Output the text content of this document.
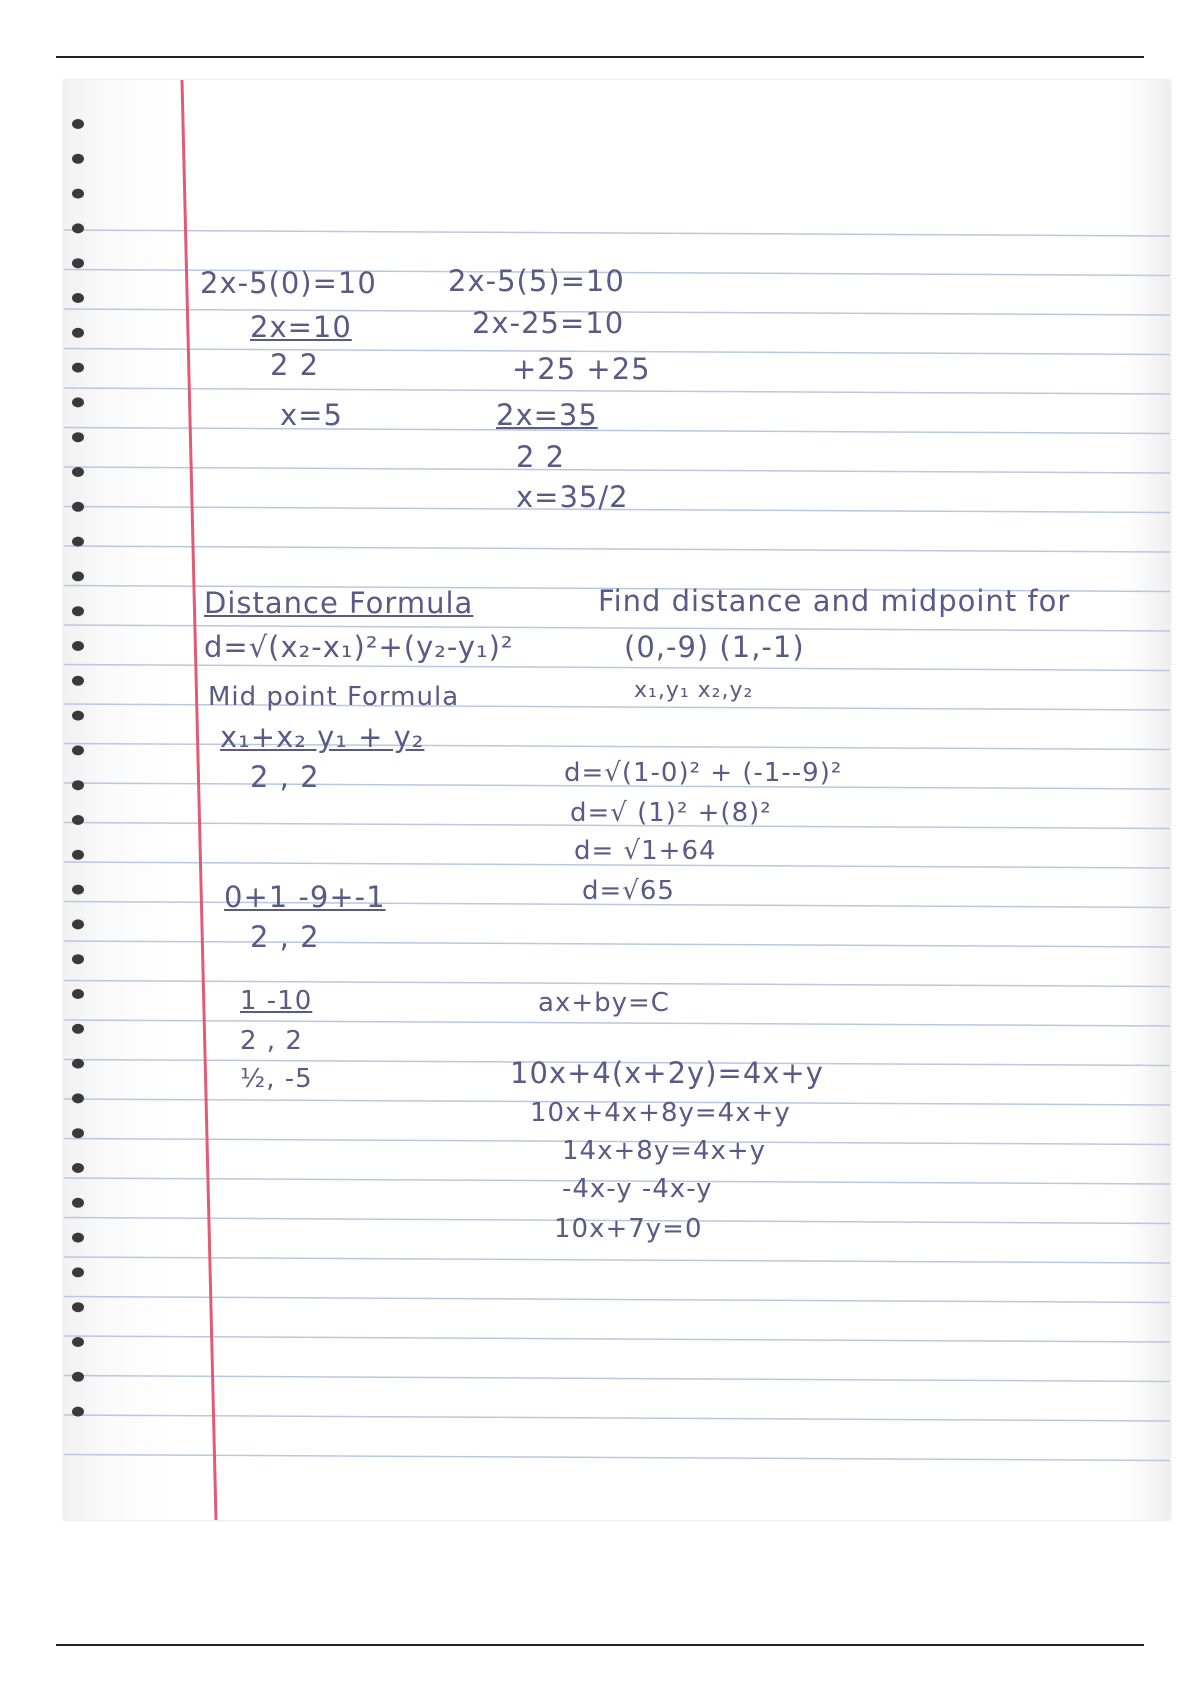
2x-5(0)=10
2x=10
2 2
x=5
2x-5(5)=10
2x-25=10
+25 +25
2x=35
2 2
x=35/2
Distance Formula
d=√(x₂-x₁)²+(y₂-y₁)²
Mid point Formula
x₁+x₂ y₁ + y₂
2 , 2
Find distance and midpoint for
(0,-9) (1,-1)
x₁,y₁ x₂,y₂
d=√(1-0)² + (-1--9)²
d=√ (1)² +(8)²
d= √1+64
d=√65
0+1 -9+-1
2 , 2
1 -10
2 , 2
½, -5
ax+by=C
10x+4(x+2y)=4x+y
10x+4x+8y=4x+y
14x+8y=4x+y
-4x-y -4x-y
10x+7y=0
